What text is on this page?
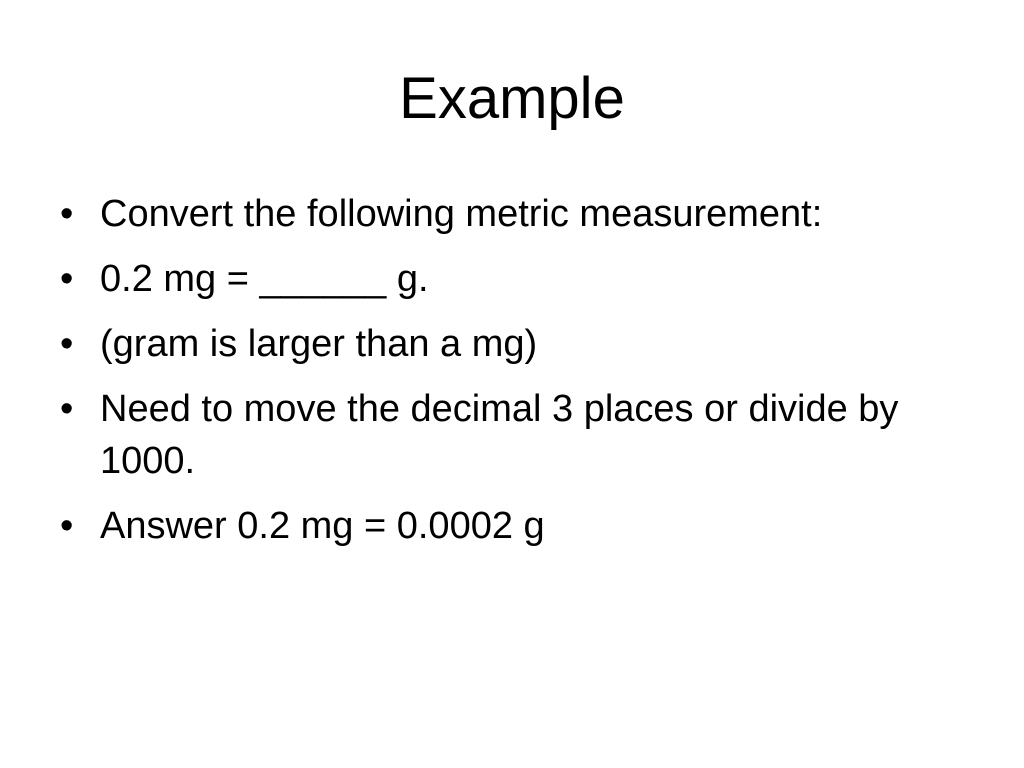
Example
• Convert the following metric measurement:
• 0.2 mg = ______ g.
• (gram is larger than a mg)
• Need to move the decimal 3 places or divide by 1000.
• Answer 0.2 mg = 0.0002 g
